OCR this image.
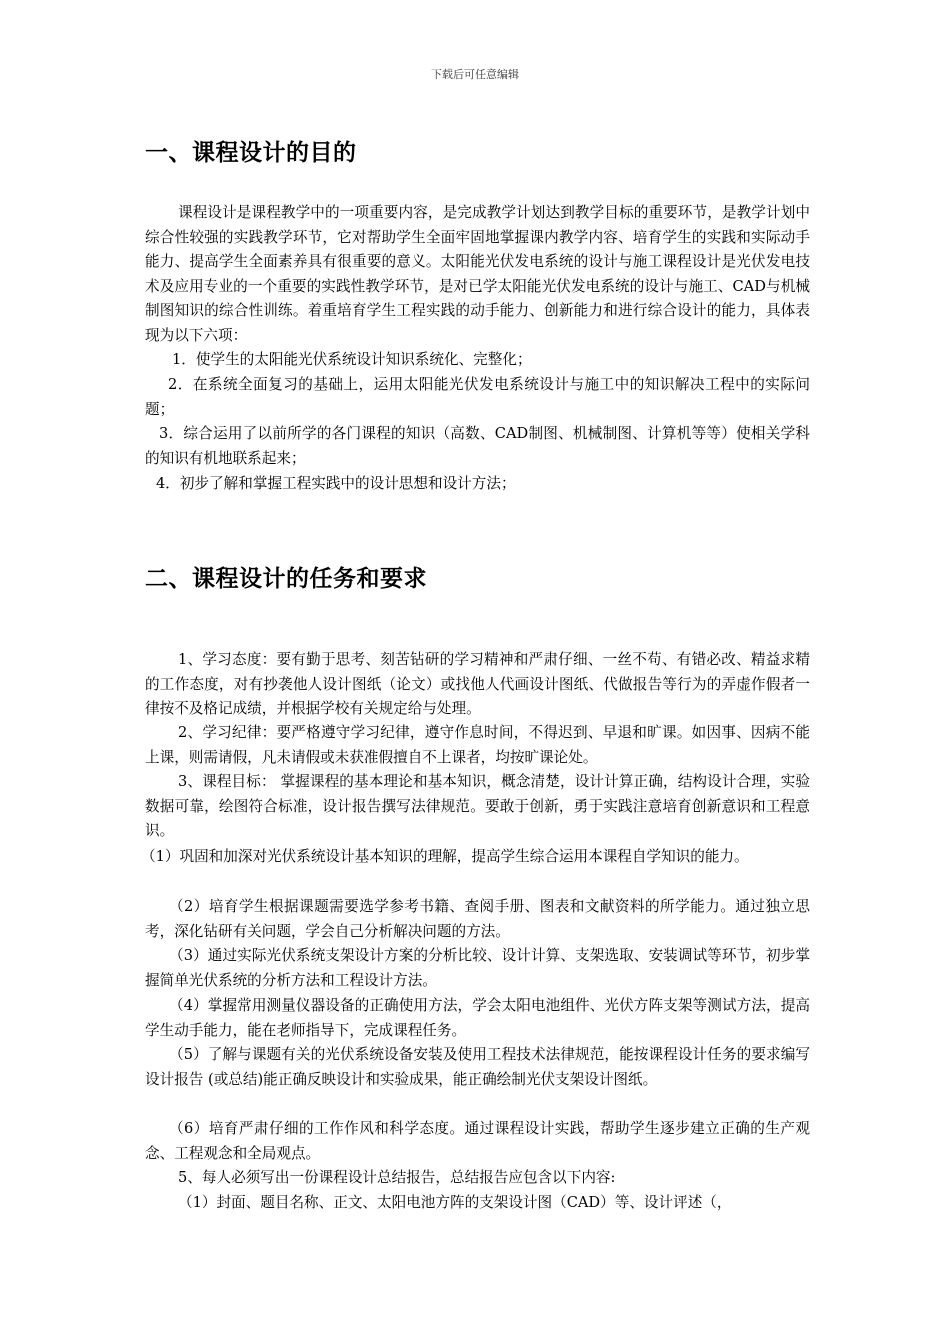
下载后可任意编辑
一、课程设计的目的
课程设计是课程教学中的一项重要内容，是完成教学计划达到教学目标的重要环节，是教学计划中综合性较强的实践教学环节，它对帮助学生全面牢固地掌握课内教学内容、培育学生的实践和实际动手能力、提高学生全面素养具有很重要的意义。太阳能光伏发电系统的设计与施工课程设计是光伏发电技术及应用专业的一个重要的实践性教学环节，是对已学太阳能光伏发电系统的设计与施工、CAD与机械制图知识的综合性训练。着重培育学生工程实践的动手能力、创新能力和进行综合设计的能力，具体表现为以下六项：
1．使学生的太阳能光伏系统设计知识系统化、完整化；
2．在系统全面复习的基础上，运用太阳能光伏发电系统设计与施工中的知识解决工程中的实际问题；
3．综合运用了以前所学的各门课程的知识（高数、CAD制图、机械制图、计算机等等）使相关学科的知识有机地联系起来；
4．初步了解和掌握工程实践中的设计思想和设计方法；
二、课程设计的任务和要求
1、学习态度：要有勤于思考、刻苦钻研的学习精神和严肃仔细、一丝不苟、有错必改、精益求精的工作态度，对有抄袭他人设计图纸（论文）或找他人代画设计图纸、代做报告等行为的弄虚作假者一律按不及格记成绩，并根据学校有关规定给与处理。
2、学习纪律：要严格遵守学习纪律，遵守作息时间，不得迟到、早退和旷课。如因事、因病不能上课，则需请假，凡未请假或未获准假擅自不上课者，均按旷课论处。
3、课程目标： 掌握课程的基本理论和基本知识，概念清楚，设计计算正确，结构设计合理，实验数据可靠，绘图符合标准，设计报告撰写法律规范。要敢于创新，勇于实践注意培育创新意识和工程意识。
（1）巩固和加深对光伏系统设计基本知识的理解，提高学生综合运用本课程自学知识的能力。
（2）培育学生根据课题需要选学参考书籍、查阅手册、图表和文献资料的所学能力。通过独立思考，深化钻研有关问题，学会自己分析解决问题的方法。
（3）通过实际光伏系统支架设计方案的分析比较、设计计算、支架选取、安装调试等环节，初步掌握简单光伏系统的分析方法和工程设计方法。
（4）掌握常用测量仪器设备的正确使用方法，学会太阳电池组件、光伏方阵支架等测试方法，提高学生动手能力，能在老师指导下，完成课程任务。
（5）了解与课题有关的光伏系统设备安装及使用工程技术法律规范，能按课程设计任务的要求编写设计报告 (或总结)能正确反映设计和实验成果，能正确绘制光伏支架设计图纸。
（6）培育严肃仔细的工作作风和科学态度。通过课程设计实践，帮助学生逐步建立正确的生产观念、工程观念和全局观点。
5、每人必须写出一份课程设计总结报告，总结报告应包含以下内容:
（1）封面、题目名称、正文、太阳电池方阵的支架设计图（CAD）等、设计评述（，
